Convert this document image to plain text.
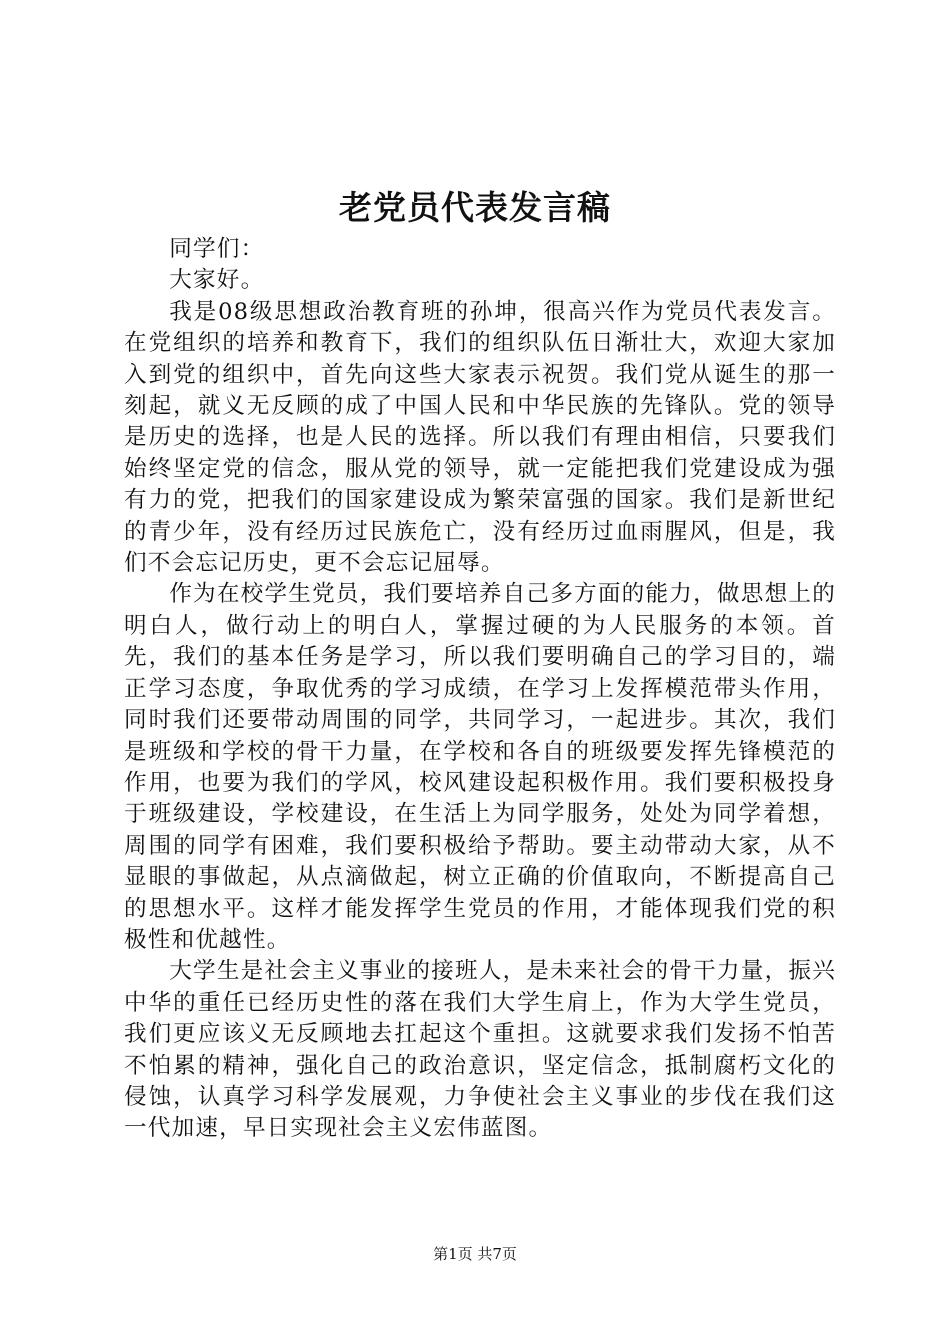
老党员代表发言稿

同学们：

大家好。

我是08级思想政治教育班的孙坤，很高兴作为党员代表发言。在党组织的培养和教育下，我们的组织队伍日渐壮大，欢迎大家加入到党的组织中，首先向这些大家表示祝贺。我们党从诞生的那一刻起，就义无反顾的成了中国人民和中华民族的先锋队。党的领导是历史的选择，也是人民的选择。所以我们有理由相信，只要我们始终坚定党的信念，服从党的领导，就一定能把我们党建设成为强有力的党，把我们的国家建设成为繁荣富强的国家。我们是新世纪的青少年，没有经历过民族危亡，没有经历过血雨腥风，但是，我们不会忘记历史，更不会忘记屈辱。

作为在校学生党员，我们要培养自己多方面的能力，做思想上的明白人，做行动上的明白人，掌握过硬的为人民服务的本领。首先，我们的基本任务是学习，所以我们要明确自己的学习目的，端正学习态度，争取优秀的学习成绩，在学习上发挥模范带头作用，同时我们还要带动周围的同学，共同学习，一起进步。其次，我们是班级和学校的骨干力量，在学校和各自的班级要发挥先锋模范的作用，也要为我们的学风，校风建设起积极作用。我们要积极投身于班级建设，学校建设，在生活上为同学服务，处处为同学着想，周围的同学有困难，我们要积极给予帮助。要主动带动大家，从不显眼的事做起，从点滴做起，树立正确的价值取向，不断提高自己的思想水平。这样才能发挥学生党员的作用，才能体现我们党的积极性和优越性。

大学生是社会主义事业的接班人，是未来社会的骨干力量，振兴中华的重任已经历史性的落在我们大学生肩上，作为大学生党员，我们更应该义无反顾地去扛起这个重担。这就要求我们发扬不怕苦不怕累的精神，强化自己的政治意识，坚定信念，抵制腐朽文化的侵蚀，认真学习科学发展观，力争使社会主义事业的步伐在我们这一代加速，早日实现社会主义宏伟蓝图。

第1页 共7页
